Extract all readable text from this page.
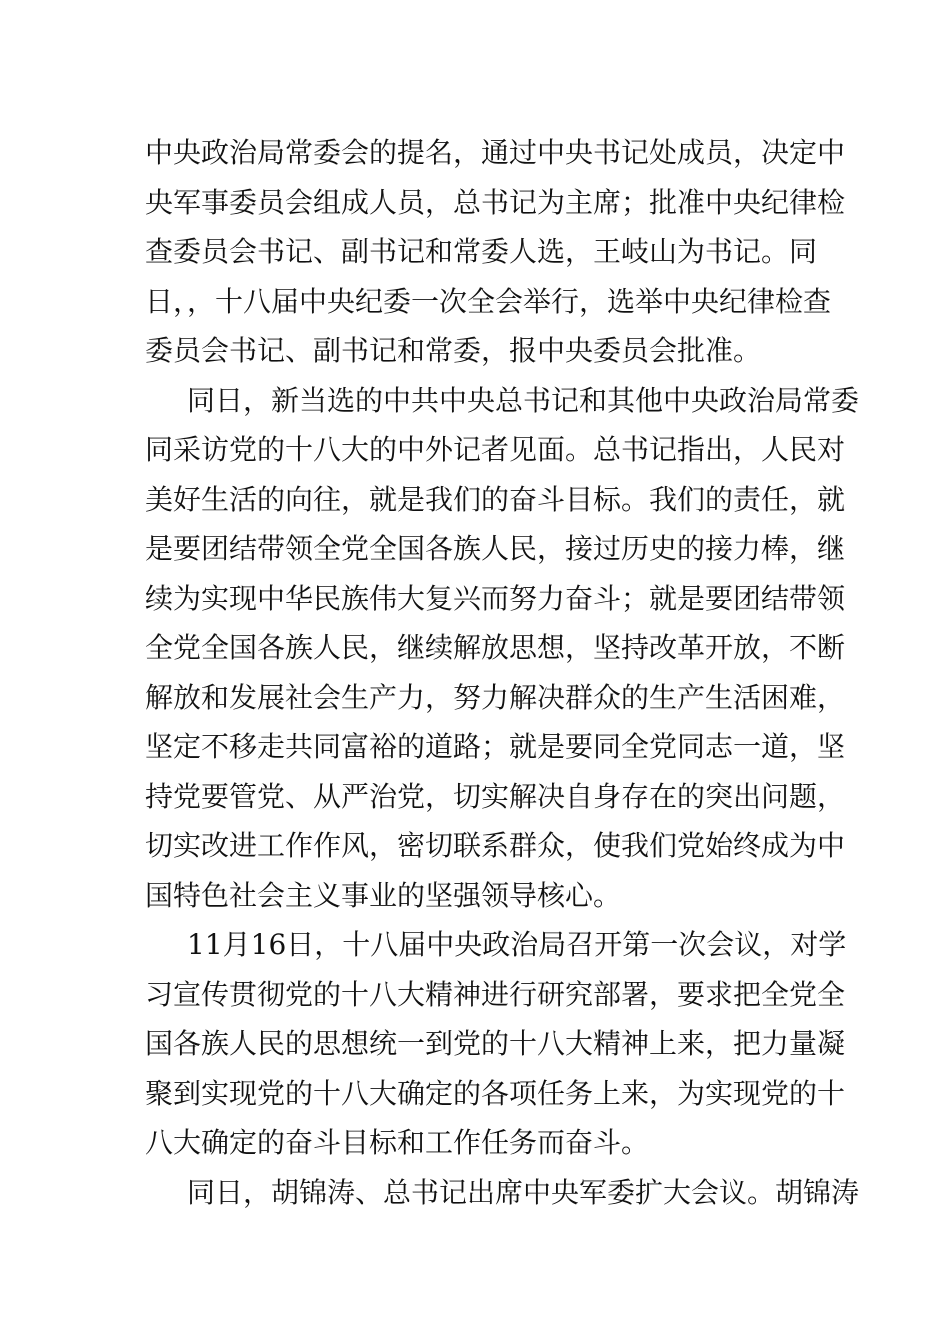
中央政治局常委会的提名，通过中央书记处成员，决定中
央军事委员会组成人员，总书记为主席；批准中央纪律检
查委员会书记、副书记和常委人选，王岐山为书记。同
日，，十八届中央纪委一次全会举行，选举中央纪律检查
委员会书记、副书记和常委，报中央委员会批准。
同日，新当选的中共中央总书记和其他中央政治局常委
同采访党的十八大的中外记者见面。总书记指出，人民对
美好生活的向往，就是我们的奋斗目标。我们的责任，就
是要团结带领全党全国各族人民，接过历史的接力棒，继
续为实现中华民族伟大复兴而努力奋斗；就是要团结带领
全党全国各族人民，继续解放思想，坚持改革开放，不断
解放和发展社会生产力，努力解决群众的生产生活困难，
坚定不移走共同富裕的道路；就是要同全党同志一道，坚
持党要管党、从严治党，切实解决自身存在的突出问题，
切实改进工作作风，密切联系群众，使我们党始终成为中
国特色社会主义事业的坚强领导核心。
11月16日，十八届中央政治局召开第一次会议，对学
习宣传贯彻党的十八大精神进行研究部署，要求把全党全
国各族人民的思想统一到党的十八大精神上来，把力量凝
聚到实现党的十八大确定的各项任务上来，为实现党的十
八大确定的奋斗目标和工作任务而奋斗。
同日，胡锦涛、总书记出席中央军委扩大会议。胡锦涛
